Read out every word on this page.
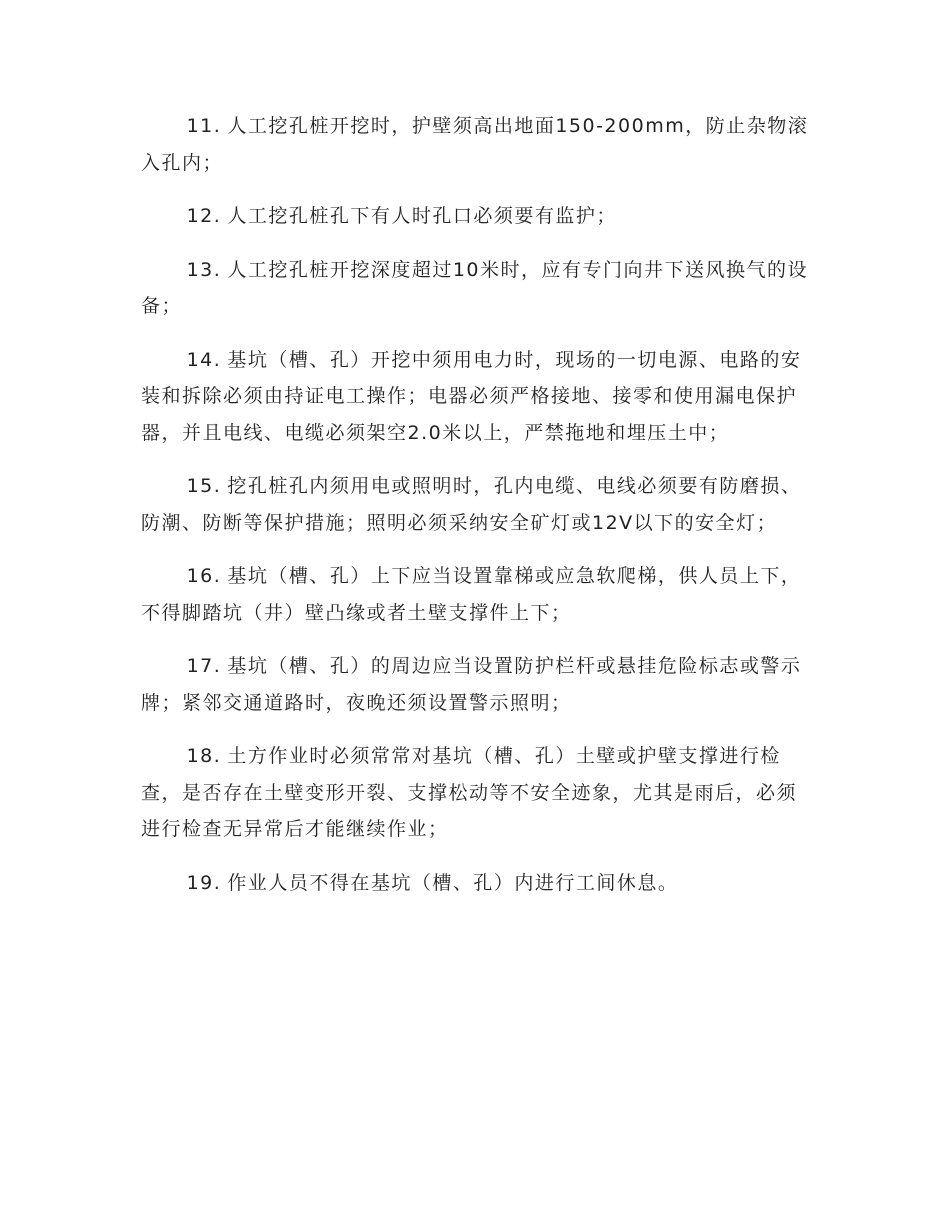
11. 人工挖孔桩开挖时，护壁须高出地面150-200mm，防止杂物滚入孔内；

12. 人工挖孔桩孔下有人时孔口必须要有监护；

13. 人工挖孔桩开挖深度超过10米时，应有专门向井下送风换气的设备；

14. 基坑（槽、孔）开挖中须用电力时，现场的一切电源、电路的安装和拆除必须由持证电工操作；电器必须严格接地、接零和使用漏电保护器，并且电线、电缆必须架空2.0米以上，严禁拖地和埋压土中；

15. 挖孔桩孔内须用电或照明时，孔内电缆、电线必须要有防磨损、防潮、防断等保护措施；照明必须采纳安全矿灯或12V以下的安全灯；

16. 基坑（槽、孔）上下应当设置靠梯或应急软爬梯，供人员上下，不得脚踏坑（井）壁凸缘或者土壁支撑件上下；

17. 基坑（槽、孔）的周边应当设置防护栏杆或悬挂危险标志或警示牌；紧邻交通道路时，夜晚还须设置警示照明；

18. 土方作业时必须常常对基坑（槽、孔）土壁或护壁支撑进行检查，是否存在土壁变形开裂、支撑松动等不安全迹象，尤其是雨后，必须进行检查无异常后才能继续作业；

19. 作业人员不得在基坑（槽、孔）内进行工间休息。
